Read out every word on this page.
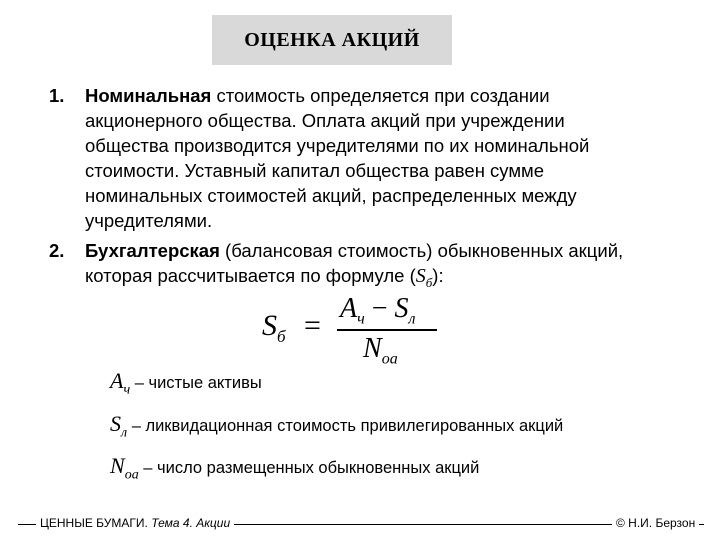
ОЦЕНКА АКЦИЙ
1. Номинальная стоимость определяется при создании
акционерного общества. Оплата акций при учреждении
общества производится учредителями по их номинальной
стоимости. Уставный капитал общества равен сумме
номинальных стоимостей акций, распределенных между
учредителями.
2. Бухгалтерская (балансовая стоимость) обыкновенных акций,
которая рассчитывается по формуле $(S_б)$:
$S_б$ =
$A_ч - S_л$
$N_{оа}$
$A_ч$ – чистые активы
$S_л$ – ликвидационная стоимость привилегированных акций
$N_{оа}$ – число размещенных обыкновенных акций
ЦЕННЫЕ БУМАГИ. Тема 4. Акции	© Н.И. Берзон
